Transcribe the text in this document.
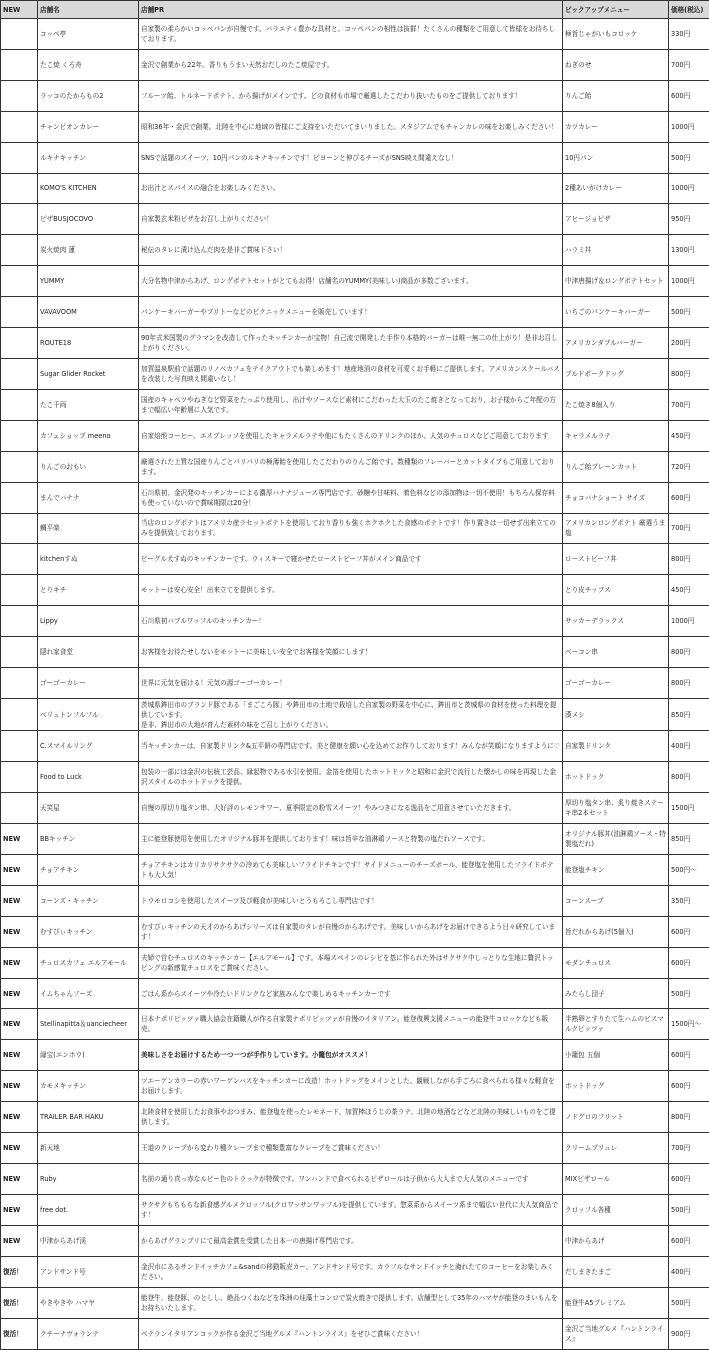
NEW	店舗名	店舗PR	ピックアップメニュー	価格(税込)
	コッペ亭	自家製の柔らかいコッペパンが自慢です。バラエティ豊かな具材と、コッペパンの相性は抜群！たくさんの種類をご用意して皆様をお待ちしております。	極旨じゃがいもコロッケ	330円
	たこ焼 くろ舟	金沢で創業から22年。香りもうまい天然おだしのたこ焼屋です。	ねぎのせ	700円
	ラッコのたからもの2	フルーツ飴、トルネードポテト、から揚げがメインです。どの食材も市場で厳選したこだわり抜いたものをご提供しております！	りんご飴	600円
	チャンピオンカレー	昭和36年・金沢で創業。北陸を中心に地域の皆様にご支持をいただいてまいりました。スタジアムでもチャンカレの味をお楽しみください！	カツカレー	1000円
	ルキナキッチン	SNSで話題のスイーツ、10円パンのルキナキッチンです！ビヨーンと伸びるチーズがSNS映え間違えなし！	10円パン	500円
	KOMO'S KITCHEN	お出汁とスパイスの融合をお楽しみください。	2種あいがけカレー	1000円
	ピザBUSJOCOVO	自家製玄米粉ピザをお召し上がりください！	アヒージョピザ	950円
	炭火焼肉 蓮	秘伝のタレに漬け込んだ肉を是非ご賞味下さい！	ハラミ丼	1300円
	YUMMY	大分名物中津からあげ、ロングポテトセットがとてもお得！店舗名のYUMMY(美味しい)商品が多数ございます。	中津唐揚げ＆ロングポテトセット	1000円
	VAVAVOOM	パンケーキバーガーやブリトーなどのピクニックメニューを販売しています！	いちごのパンケーキバーガー	500円
	ROUTE18	90年式米国製のグラマンを改造して作ったキッチンカーが宝物！自己流で開発した手作り本格的バーガーは唯一無二の仕上がり！是非お召し上がりください。	アメリカンダブルバーガー	200円
	Sugar Glider Rocket	加賀温泉駅前で話題のリノベカフェをテイクアウトでも楽しめます！地産地消の食材を可愛くお手軽にご提供します。アメリカンスクールバスを改装した写真映え間違いなし！	ブルドポークドッグ	800円
	たこ千両	国産のキャベツやねぎなど野菜をたっぷり使用し、出汁やソースなど素材にこだわった大玉のたこ焼きとなっており、お子様からご年配の方まで幅広い年齢層に人気です。	たこ焼き8個入り	700円
	カフェショップ meeno	自家焙煎コーヒー、エスプレッソを使用したキャラメルラテや他にもたくさんのドリンクのほか、人気のチュロスなどご用意しております	キャラメルラテ	450円
	りんごのおもい	厳選された上質な国産りんごとパリパリの極薄飴を使用したこだわりのりんご飴です。数種類のフレーバーとカットタイプもご用意しております。	りんご飴プレーンカット	720円
	まんでバナナ	石川県初、金沢発のキッチンカーによる濃厚バナナジュース専門店です。砂糖や甘味料、着色料などの添加物は一切不使用！もちろん保存料も使っていないので賞味期限は20分！	チョコバナショート サイズ	600円
	鯛平楽	当店のロングポテトはアメリカ産ラセットポテトを使用しており香りも強くホクホクした食感のポテトです！作り置きは一切せず出来立てのみを提供致しております。	アメリカンロングポテト 厳選うま塩	700円
	kitchenすぬ	ビーグル犬すぬのキッチンカーです。ウィスキーで寝かせたローストビーフ丼がメイン商品です	ローストビーフ丼	800円
	とりキチ	モットーは安心安全！出来立てを提供します。	とり皮チップス	450円
	Lippy	石川県初バブルワッフルのキッチンカー！	サッカーデラックス	1000円
	隠れ家食堂	お客様をお待たせしないをモットーに美味しい安全でお客様を笑顔にします！	ベーコン串	800円
	ゴーゴーカレー	世界に元気を届ける！元気の源ゴーゴーカレー！	ゴーゴーカレー	800円
	ベリュトンフルフル	茨城県鉾田市のブランド豚である「まごころ豚」や鉾田市の土地で栽培した自家製の野菜を中心に、鉾田市と茨城県の食材を使った料理を提供しています。
是非、鉾田市の大地が育んだ素材の味をご召し上がりください。	漢メシ	850円
	C.スマイルリング	当キッチンカーは、自家製ドリンク&五平餅の専門店です。美と健康を願い心を込めてお作りしております！みんなが笑顔になりますように♡	自家製ドリンク	400円
	Food to Luck	包装の一部には金沢の伝統工芸品、縁起物である水引を使用。金箔を使用したホットドックと昭和に金沢で流行した懐かしの味を再現した金沢スタイルのホットドックを提供。	ホットドック	800円
	天笑屋	自慢の厚切り塩タン串、大好評のレモンサワー、夏季限定の粉雪スイーツ！やみつきになる逸品をご用意させていただきます。	厚切り塩タン串、炙り焼きステーキ串2本セット	1500円
NEW	BBキッチン	主に能登豚使用を使用したオリジナル豚丼を提供しております！味は旨辛な油淋鶏ソースと特製の塩だれソースです。	オリジナル豚丼(油淋鶏ソース・特製塩だれ)	850円
NEW	チョアチキン	チョアチキンはカリカリサクサクの冷めても美味しいフライドチキンです！サイドメニューのチーズボール、能登塩を使用したフライドポテトも大人気！	能登塩チキン	500円～
NEW	コーンズ・キッチン	トウモロコシを使用したスイーツ及び軽食が美味しいとうもろこし専門店です！	コーンスープ	350円
NEW	むすびぃキッチン	むすびぃキッチンの天才のからあげシリーズは自家製のタレが自慢のからあげです。美味しいからあげをお届けできるよう日々研究しています！	旨だれからあげ(5個入)	600円
NEW	チュロスカフェ エルアモール	夫婦で営むチュロスのキッチンカー【エルアモール】です。本場スペインのレシピを基に作られた外はサクサク中しっとりな生地に贅沢トッピングの新感覚チュロスをご賞味ください。	モダンチュロス	600円
NEW	イムちゃんフーズ	ごはん系からスイーツや冷たいドリンクなど家族みんなで楽しめるキッチンカーです	みたらし団子	500円
NEW	Stellinapitta＆uanciecheer	日本ナポリピッツァ職人協会在籍職人が作る自家製ナポリピッツァが自慢のイタリアン。能登復興支援メニューの能登牛コロッケなども販売。	半熟卵とすりたて生ハムのビスマルクピッツァ	1500円～
NEW	縁宝(エンホウ)	美味しさをお届けするため一つ一つが手作りしています。小籠包がオススメ！	小籠包 五個	600円
NEW	カモメキッチン	ツエーゲンカラーの赤いワーゲンバスをキッチンカーに改造！ホットドッグをメインとした、観戦しながら手ごろに食べられる様々な軽食をお届けします。	ホットドッグ	600円
NEW	TRAILER BAR HAKU	北陸食材を使用したお食事やおつまみ、能登塩を使ったレモネード、加賀棒ほうじの茶ラテ、北陸の地酒などなど北陸の美味しいものをご提供します。	ノドグロのフリット	800円
NEW	新天地	王道のクレープから変わり種クレープまで種類豊富なクレープをご賞味ください！	クリームブリュレ	700円
NEW	Ruby	名前の通り真っ赤なルビー色のトラックが特徴です。ワンハンドで食べられるピザロールは子供から大人まで大人気のメニューです	MIXピザロール	600円
NEW	free dot.	サクサクもちもちな新食感グルメクロッフル(クロワッサンワッフル)を提供しています。惣菜系からスイーツ系まで幅広い世代に大人気商品です！	クロッフル各種	500円
NEW	中津からあげ渓	からあげグランプリにて最高金賞を受賞した日本一の唐揚げ専門店です。	中津からあげ	600円
復活！	アンドサンド号	金沢市にあるサンドイッチカフェ&sandの移動販売カー、アンドサンド号です。カラフルなサンドイッチと淹れたてのコーヒーをお楽しみください。	だしまきたまご	400円
復活！	やきやきや ハマヤ	能登牛、能登豚、のとしし、絶品つくねなどを珠洲の珪藻土コンロで炭火焼きで提供します。店舗型として35年のハマヤが能登のまいもんをお持ちいたします。	能登牛A5プレミアム	500円
復活！	クチーナヴォランテ	ベテランイタリアンコックが作る金沢ご当地グルメ『ハントンライス』をぜひご賞味ください！	金沢ご当地グルメ『ハントンライス』	900円
